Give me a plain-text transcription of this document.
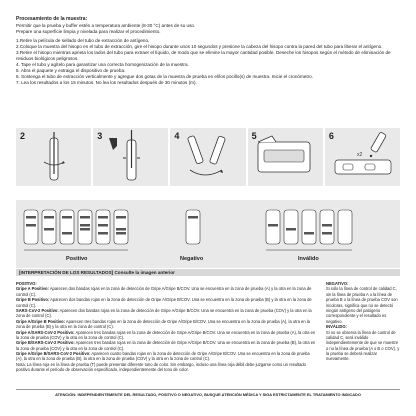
Procesamiento de la muestra:
Permitir que la prueba y buffer estén a temperatura ambiente (8-30 °C) antes de su uso.
Prepare una superficie limpia y nivelada para realizar el procedimiento.
1.Retire la película de sellado del tubo de extracción de antígeno.
2.Coloque la muestra del hisopo en el tubo de extracción, gire el hisopo durante unos 10 segundos y presione la cabeza del hisopo contra la pared del tubo para liberar el antígeno.
3.Retire el hisopo mientras aprieta los lados del tubo para extraer el líquido, de modo que se elimine la mayor cantidad posible. Deseche los hisopos según el método de eliminación de residuos biológicos peligrosos.
4. Tape el tubo y agítelo para garantizar una correcta homogenización de la muestra.
5. Abra el paquete y extraiga el dispositivo de prueba.
6. Sostenga el tubo de extracción verticalmente y agregue dos gotas de la muestra de prueba en el/los pocillo(s) de muestra. Inicie el cronómetro.
7. Lea los resultados a los 15 minutos. No lea los resultados después de 30 minutos (m).
2	3	4	5	6
x2
Positivo	Negativo	Inválido
[INTERPRETACIÓN DE LOS RESULTADOS] Consulte la imagen anterior
POSITIVO:
Gripe A Positivo: Aparecen dos bandas rojas en la zona de detección de Gripe A/Gripe B/COV. Una se encuentra en la zona de prueba (A) y la otra en la zona de control (C).
Gripe B Positivo: Aparecen dos bandas rojas en la zona de detección de Gripe A/Gripe B/COV. Una se encuentra en la zona de prueba (B) y la otra en la zona de control (C).
SARS-CoV-2 Positivo: Aparecen dos bandas rojas en la zona de detección de Gripe A/Gripe B/COV. Una se encuentra en la zona de prueba (COV) y la otra en la zona de control (C).
Gripe A/Gripe B Positivo: Aparecen tres bandas rojas en la zona de detección de Gripe A/Gripe B/COV. Una se encuentra en la zona de prueba (A), la otra en la zona de prueba (B) y la otra en la zona de control (C).
Gripe A/SARS-CoV-2 Positivo: Aparecen tres bandas rojas en la zona de detección de Gripe A/Gripe B/COV. Una se encuentra en la zona de prueba (A), la otra en la zona de prueba (COV) y la otra en la zona de control (C).
Gripe B/SARS-CoV-2 Positivo: Aparecen tres bandas rojas en la zona de detección de Gripe A/Gripe B/COV. Una se encuentra en la zona de prueba (B), la otra en la zona de prueba (COV) y la otra en la zona de control (C).
Gripe A/Gripe B/SARS-CoV-2 Positivo: Aparecen cuatro bandas rojas en la zona de detección de Gripe A/Gripe B/COV. Una se encuentra en la zona de prueba (A), la otra en la zona de prueba (B), la otra en la zona de prueba (COV) y la otra en la zona de control (C).
Nota: La línea roja en la línea de prueba (T) puede presentar diferente tono de color. Sin embargo, incluso una línea roja débil debe juzgarse como un resultado positivo durante el período de observación especificado, independientemente del tono de color.
NEGATIVO:
Si sólo la línea de control de calidad C, sin la línea de prueba A o la línea de prueba B o la línea de prueba COV son incoloras, significa que no se detectó ningún antígeno del patógeno correspondiente y el resultado es negativo.
INVÁLIDO:
Si no se observa la línea de control de calidad C, será inválido independientemente de que se muestre o no la línea de prueba (A o B o COV), y la prueba se deberá realizar nuevamente.
ATENCIÓN: INDEPENDIENTEMENTE DEL RESULTADO, POSITIVO O NEGATIVO, BUSQUE ATENCIÓN MÉDICA Y SIGA ESTRICTAMENTE EL TRATAMIENTO INDICADO
